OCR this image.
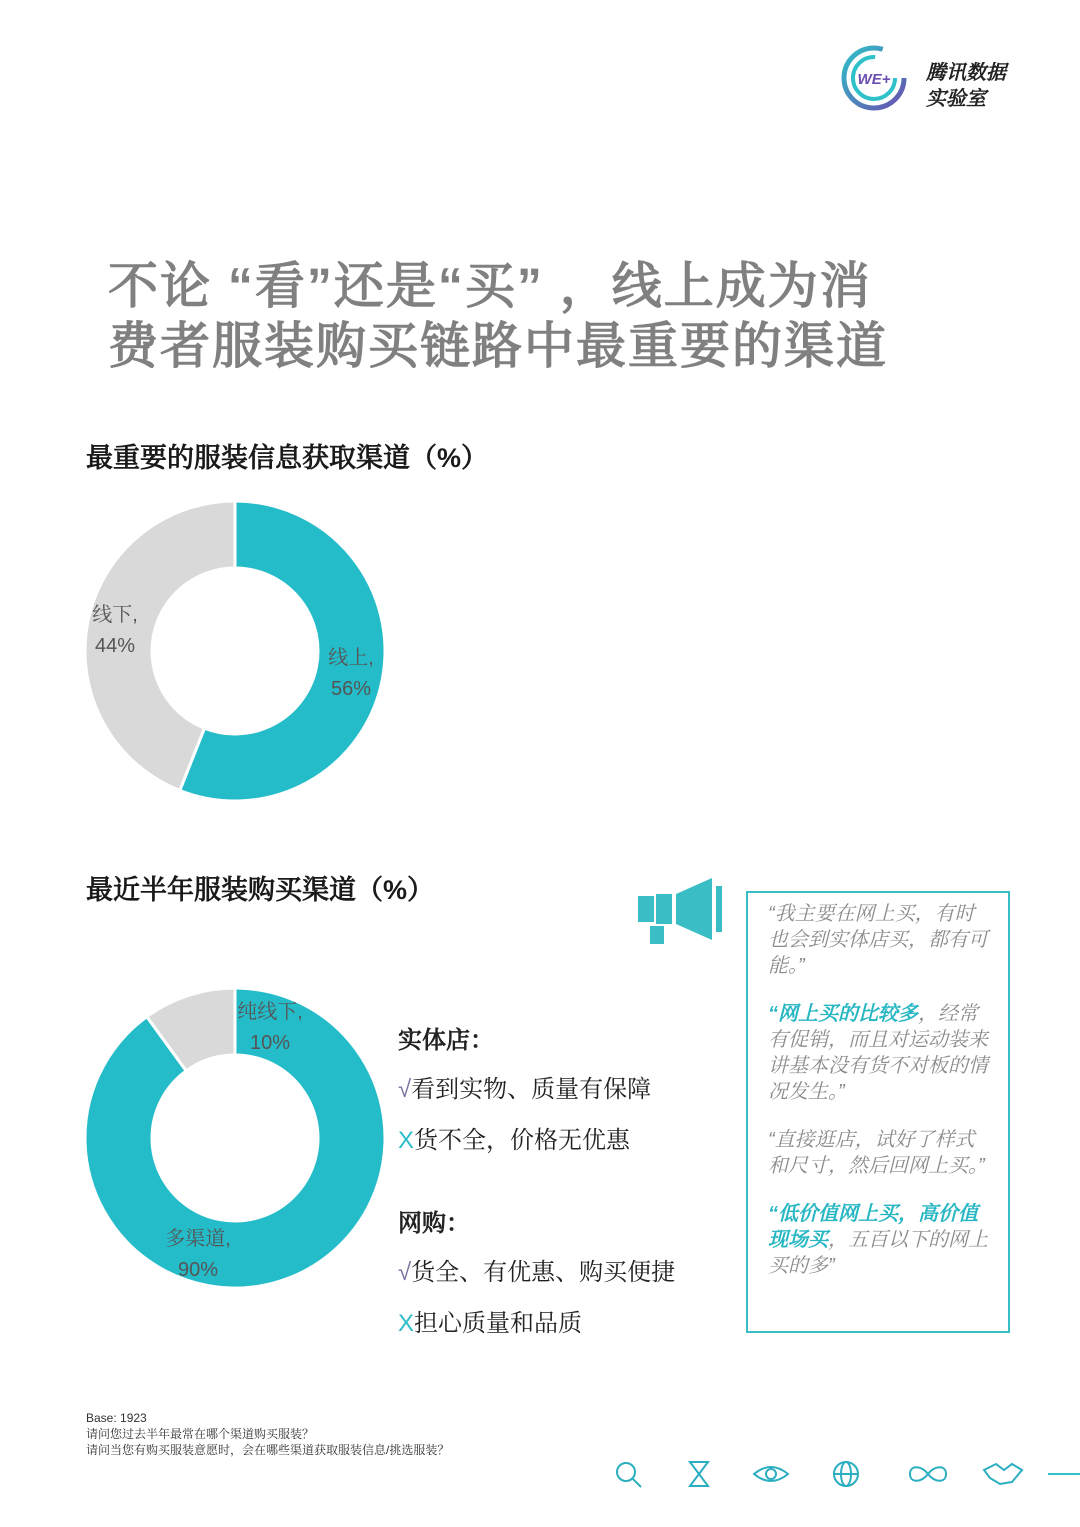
WE+ 腾讯数据
实验室
不论 “看”还是“买” ，线上成为消
费者服装购买链路中最重要的渠道
最重要的服装信息获取渠道（%）
线下,
44%
线上,
56%
最近半年服装购买渠道（%）
纯线下,
10%
多渠道,
90%
实体店：
√看到实物、质量有保障
X货不全，价格无优惠
网购：
√货全、有优惠、购买便捷
X担心质量和品质
“我主要在网上买，有时也会到实体店买，都有可能。”
“网上买的比较多，经常有促销，而且对运动装来讲基本没有货不对板的情况发生。”
“直接逛店，试好了样式和尺寸，然后回网上买。”
“低价值网上买，高价值现场买，五百以下的网上买的多”
Base: 1923
请问您过去半年最常在哪个渠道购买服装？
请问当您有购买服装意愿时，会在哪些渠道获取服装信息/挑选服装？
